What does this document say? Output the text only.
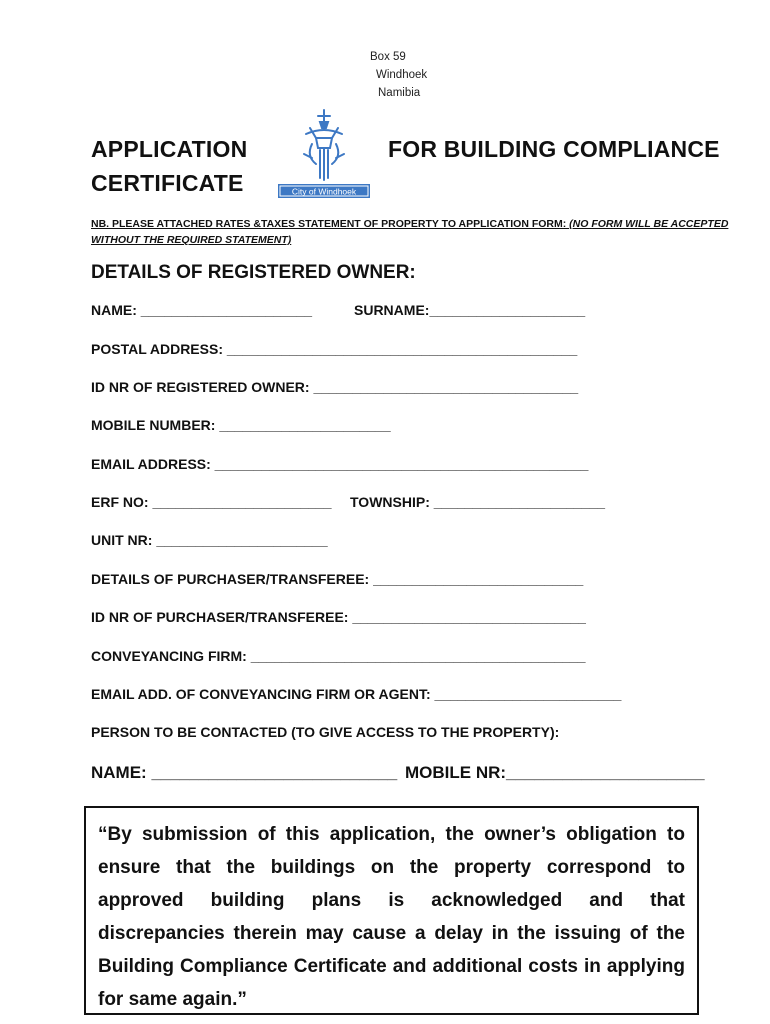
Box 59
Windhoek
Namibia
APPLICATION	FOR BUILDING COMPLIANCE
CERTIFICATE	City of Windhoek
NB. PLEASE ATTACHED RATES &TAXES STATEMENT OF PROPERTY TO APPLICATION FORM: (NO FORM WILL BE ACCEPTED WITHOUT THE REQUIRED STATEMENT)
DETAILS OF REGISTERED OWNER:
NAME: ______________________	SURNAME:____________________
POSTAL ADDRESS: _____________________________________________
ID NR OF REGISTERED OWNER: __________________________________
MOBILE NUMBER: ______________________
EMAIL ADDRESS: ________________________________________________
ERF NO: _______________________ TOWNSHIP: ______________________
UNIT NR: ______________________
DETAILS OF PURCHASER/TRANSFEREE: ___________________________
ID NR OF PURCHASER/TRANSFEREE: ______________________________
CONVEYANCING FIRM: ___________________________________________
EMAIL ADD. OF CONVEYANCING FIRM OR AGENT: ________________________
PERSON TO BE CONTACTED (TO GIVE ACCESS TO THE PROPERTY):
NAME: __________________________ MOBILE NR:_____________________
“By submission of this application, the owner’s obligation to ensure that the buildings on the property correspond to approved building plans is acknowledged and that discrepancies therein may cause a delay in the issuing of the Building Compliance Certificate and additional costs in applying for same again.”
